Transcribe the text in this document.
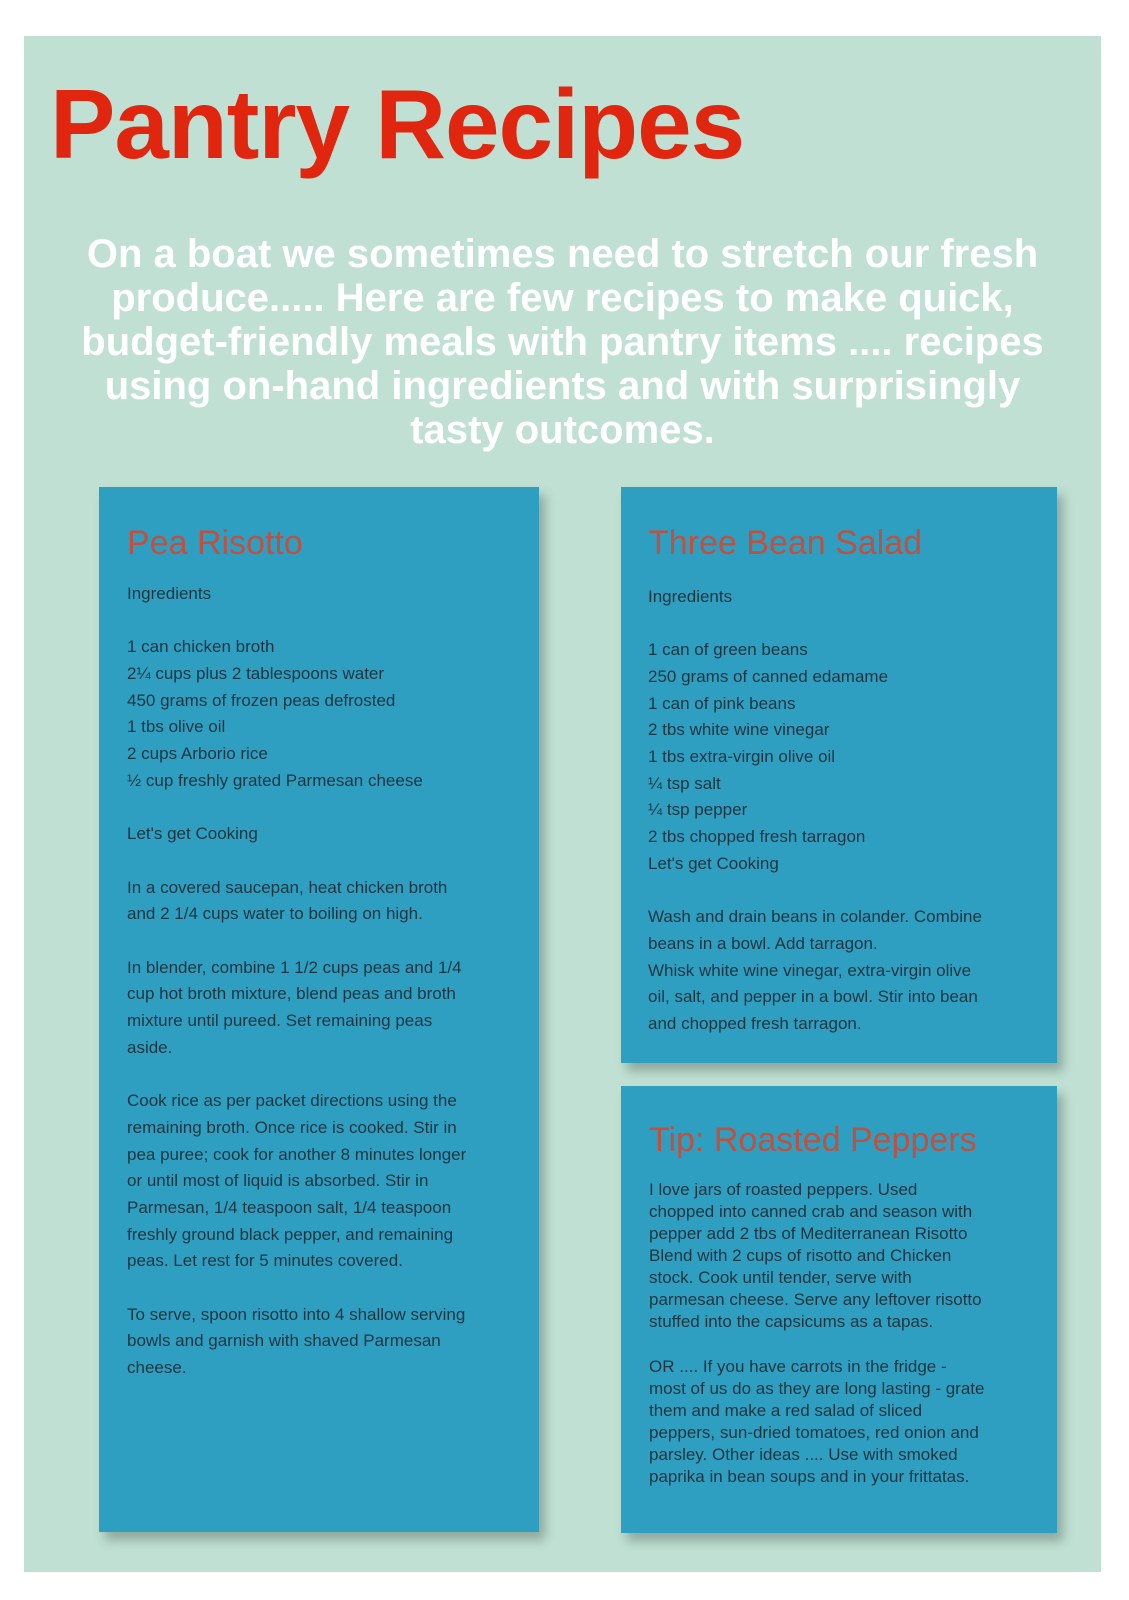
Pantry Recipes

On a boat we sometimes need to stretch our fresh produce..... Here are few recipes to make quick, budget-friendly meals with pantry items .... recipes using on-hand ingredients and with surprisingly tasty outcomes.

Pea Risotto

Ingredients

1 can chicken broth
2¼ cups plus 2 tablespoons water
450 grams of frozen peas defrosted
1 tbs olive oil
2 cups Arborio rice
½ cup freshly grated Parmesan cheese

Let's get Cooking

In a covered saucepan, heat chicken broth
and 2 1/4 cups water to boiling on high.

In blender, combine 1 1/2 cups peas and 1/4
cup hot broth mixture, blend peas and broth
mixture until pureed. Set remaining peas
aside.

Cook rice as per packet directions using the
remaining broth. Once rice is cooked. Stir in
pea puree; cook for another 8 minutes longer
or until most of liquid is absorbed. Stir in
Parmesan, 1/4 teaspoon salt, 1/4 teaspoon
freshly ground black pepper, and remaining
peas. Let rest for 5 minutes covered.

To serve, spoon risotto into 4 shallow serving
bowls and garnish with shaved Parmesan
cheese.

Three Bean Salad

Ingredients

1 can of green beans
250 grams of canned edamame
1 can of pink beans
2 tbs white wine vinegar
1 tbs extra-virgin olive oil
¼ tsp salt
¼ tsp pepper
2 tbs chopped fresh tarragon
Let's get Cooking

Wash and drain beans in colander. Combine
beans in a bowl. Add tarragon.
Whisk white wine vinegar, extra-virgin olive
oil, salt, and pepper in a bowl. Stir into bean
and chopped fresh tarragon.

Tip: Roasted Peppers

I love jars of roasted peppers. Used
chopped into canned crab and season with
pepper add 2 tbs of Mediterranean Risotto
Blend with 2 cups of risotto and Chicken
stock. Cook until tender, serve with
parmesan cheese. Serve any leftover risotto
stuffed into the capsicums as a tapas.

OR .... If you have carrots in the fridge -
most of us do as they are long lasting - grate
them and make a red salad of sliced
peppers, sun-dried tomatoes, red onion and
parsley. Other ideas .... Use with smoked
paprika in bean soups and in your frittatas.
